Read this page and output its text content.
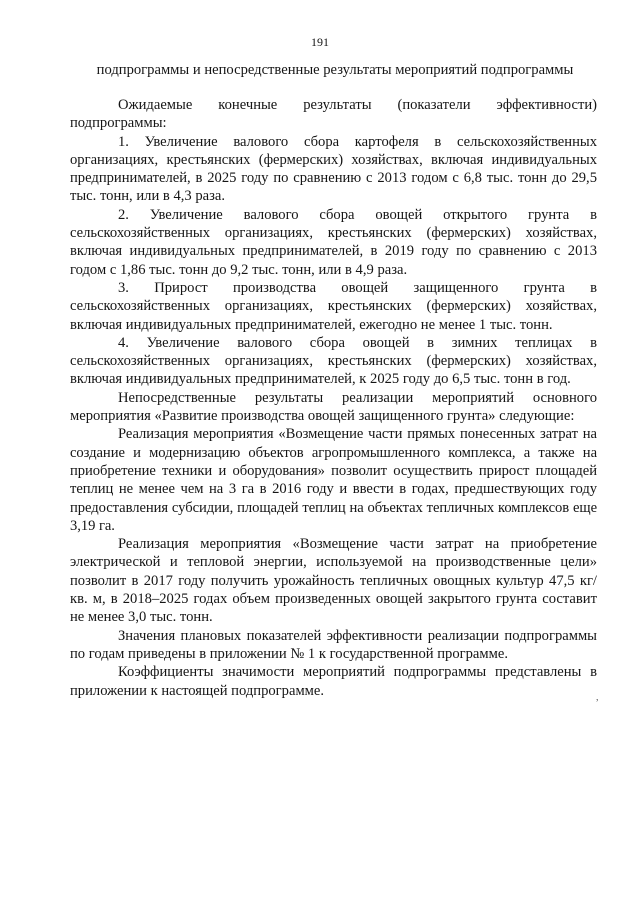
191
подпрограммы и непосредственные результаты мероприятий подпрограммы

Ожидаемые конечные результаты (показатели эффективности) подпрограммы:

1. Увеличение валового сбора картофеля в сельскохозяйственных организациях, крестьянских (фермерских) хозяйствах, включая индивидуальных предпринимателей, в 2025 году по сравнению с 2013 годом с 6,8 тыс. тонн до 29,5 тыс. тонн, или в 4,3 раза.

2. Увеличение валового сбора овощей открытого грунта в сельскохозяйственных организациях, крестьянских (фермерских) хозяйствах, включая индивидуальных предпринимателей, в 2019 году по сравнению с 2013 годом с 1,86 тыс. тонн до 9,2 тыс. тонн, или в 4,9 раза.

3. Прирост производства овощей защищенного грунта в сельскохозяйственных организациях, крестьянских (фермерских) хозяйствах, включая индивидуальных предпринимателей, ежегодно не менее 1 тыс. тонн.

4. Увеличение валового сбора овощей в зимних теплицах в сельскохозяйственных организациях, крестьянских (фермерских) хозяйствах, включая индивидуальных предпринимателей, к 2025 году до 6,5 тыс. тонн в год.

Непосредственные результаты реализации мероприятий основного мероприятия «Развитие производства овощей защищенного грунта» следующие:

Реализация мероприятия «Возмещение части прямых понесенных затрат на создание и модернизацию объектов агропромышленного комплекса, а также на приобретение техники и оборудования» позволит осуществить прирост площадей теплиц не менее чем на 3 га в 2016 году и ввести в годах, предшествующих году предоставления субсидии, площадей теплиц на объектах тепличных комплексов еще 3,19 га.

Реализация мероприятия «Возмещение части затрат на приобретение электрической и тепловой энергии, используемой на производственные цели» позволит в 2017 году получить урожайность тепличных овощных культур 47,5 кг/кв. м, в 2018–2025 годах объем произведенных овощей закрытого грунта составит не менее 3,0 тыс. тонн.

Значения плановых показателей эффективности реализации подпрограммы по годам приведены в приложении № 1 к государственной программе.

Коэффициенты значимости мероприятий подпрограммы представлены в приложении к настоящей подпрограмме.	,
